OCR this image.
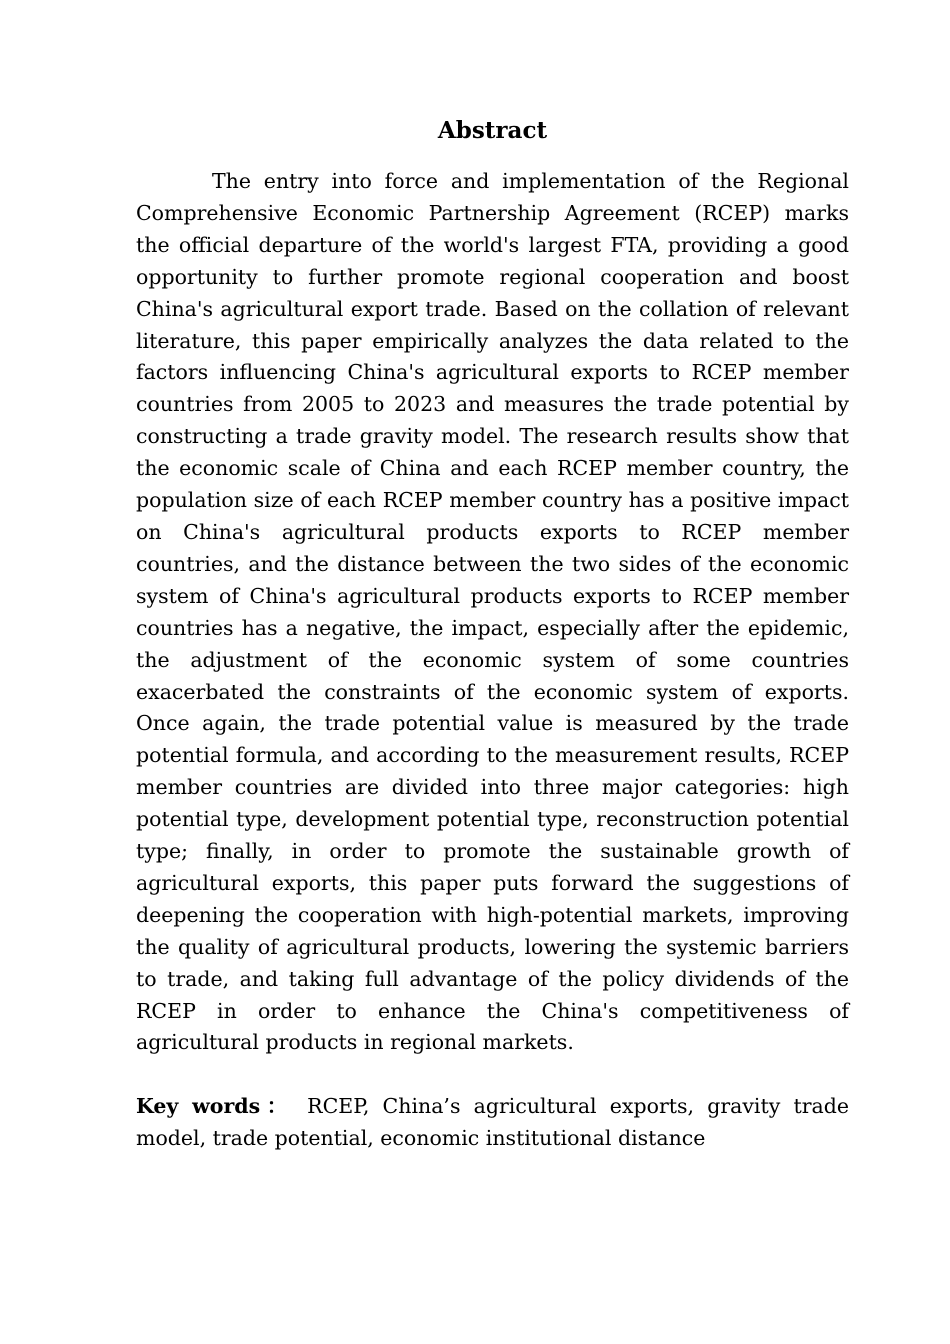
Abstract

The entry into force and implementation of the Regional Comprehensive Economic Partnership Agreement (RCEP) marks the official departure of the world's largest FTA, providing a good opportunity to further promote regional cooperation and boost China's agricultural export trade. Based on the collation of relevant literature, this paper empirically analyzes the data related to the factors influencing China's agricultural exports to RCEP member countries from 2005 to 2023 and measures the trade potential by constructing a trade gravity model. The research results show that the economic scale of China and each RCEP member country, the population size of each RCEP member country has a positive impact on China's agricultural products exports to RCEP member countries, and the distance between the two sides of the economic system of China's agricultural products exports to RCEP member countries has a negative, the impact, especially after the epidemic, the adjustment of the economic system of some countries exacerbated the constraints of the economic system of exports. Once again, the trade potential value is measured by the trade potential formula, and according to the measurement results, RCEP member countries are divided into three major categories: high potential type, development potential type, reconstruction potential type; finally, in order to promote the sustainable growth of agricultural exports, this paper puts forward the suggestions of deepening the cooperation with high-potential markets, improving the quality of agricultural products, lowering the systemic barriers to trade, and taking full advantage of the policy dividends of the RCEP in order to enhance the China's competitiveness of agricultural products in regional markets.

Key words： RCEP, China’s agricultural exports, gravity trade model, trade potential, economic institutional distance
